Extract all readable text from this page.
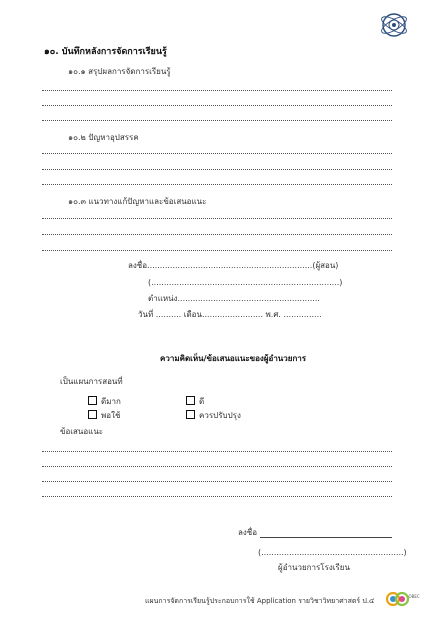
๑๐. บันทึกหลังการจัดการเรียนรู้
๑๐.๑ สรุปผลการจัดการเรียนรู้
๑๐.๒ ปัญหาอุปสรรค
๑๐.๓ แนวทางแก้ปัญหาและข้อเสนอแนะ
ลงชื่อ.................................................................(ผู้สอน)
(..........................................................................)
ตำแหน่ง........................................................
วันที่ .......... เดือน........................ พ.ศ. ...............
ความคิดเห็น/ข้อเสนอแนะของผู้อำนวยการ
เป็นแผนการสอนที่
ดีมาก	ดี
พอใช้	ควรปรับปรุง
ข้อเสนอแนะ
ลงชื่อ
(........................................................)
ผู้อำนวยการโรงเรียน
แผนการจัดการเรียนรู้ประกอบการใช้ Application รายวิชาวิทยาศาสตร์ ป.๔
OBEC
